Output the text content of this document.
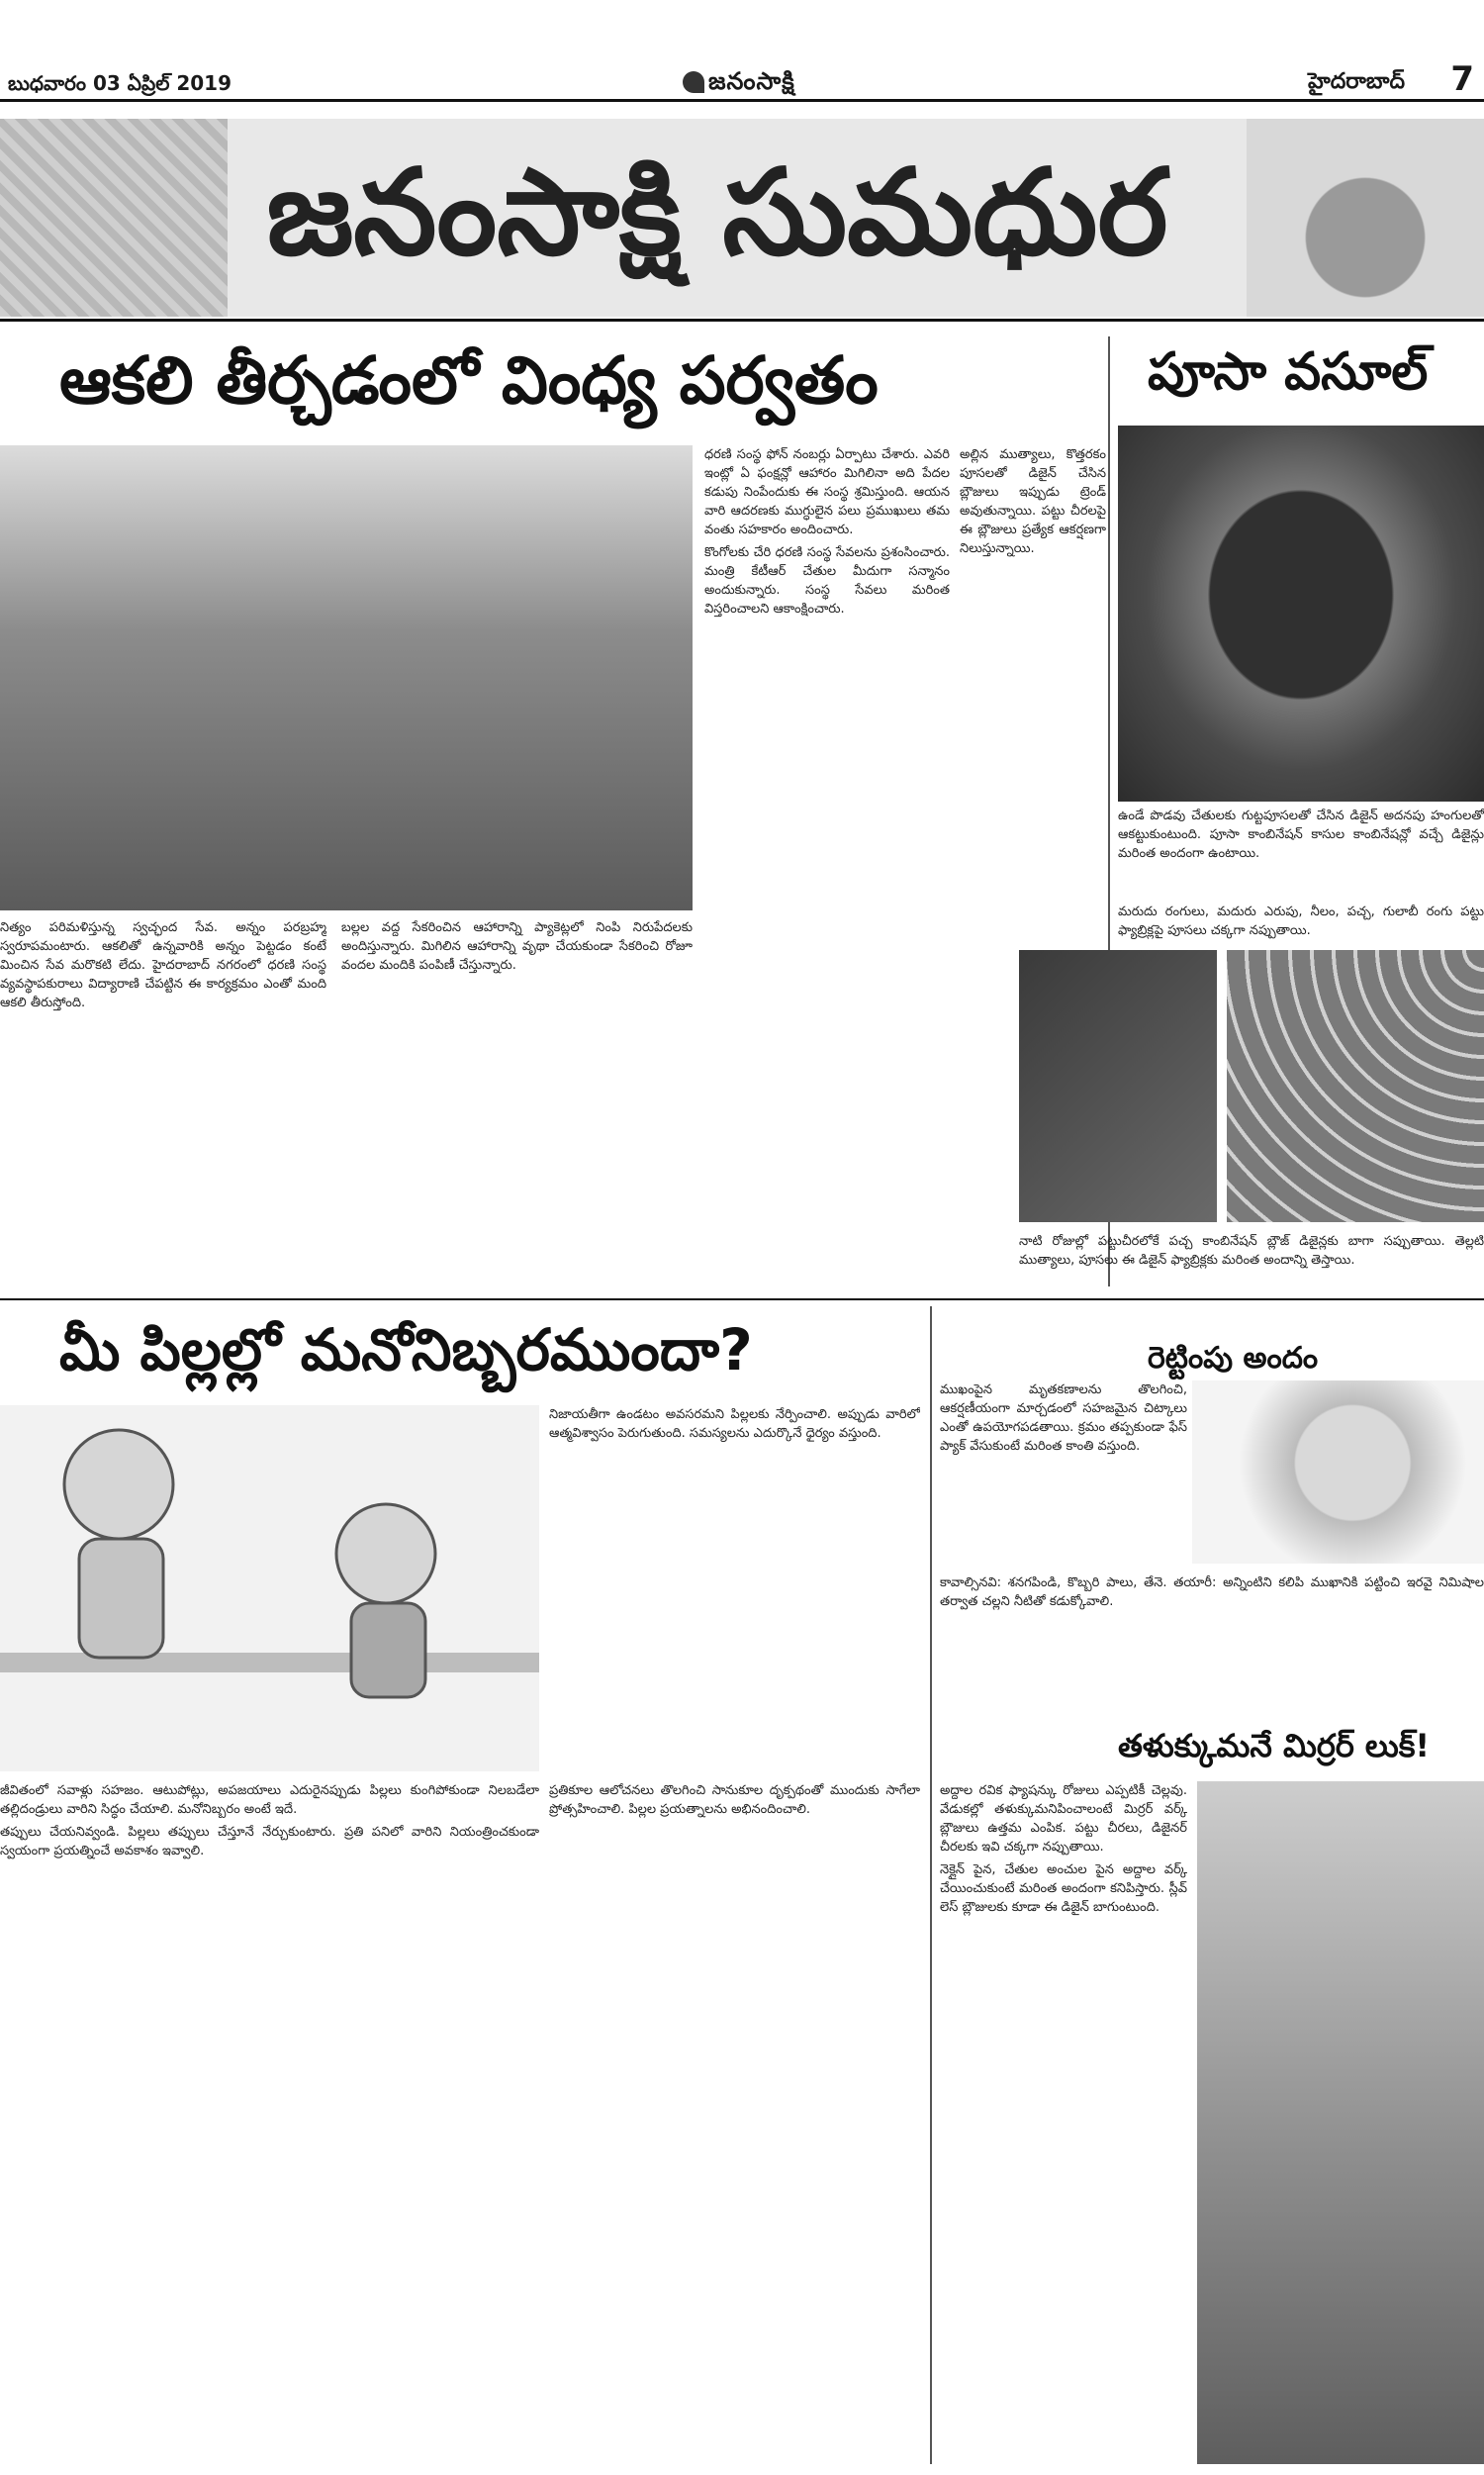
బుధవారం 03 ఏప్రిల్ 2019	జనంసాక్షి	హైదరాబాద్ 7
జనంసాక్షి సుమధుర
ఆకలి తీర్చడంలో వింధ్య పర్వతం

ధరణి సంస్థ ఫోన్ నంబర్లు ఏర్పాటు చేశారు. ఎవరి ఇంట్లో ఏ ఫంక్షన్లో ఆహారం మిగిలినా అది పేదల కడుపు నింపేందుకు ఈ సంస్థ శ్రమిస్తుంది. ఆయన వారి ఆదరణకు ముగ్ధులైన పలు ప్రముఖులు తమ వంతు సహకారం అందించారు.

కొంగోలకు చేరి ధరణి సంస్థ సేవలను ప్రశంసించారు. మంత్రి కేటీఆర్ చేతుల మీదుగా సన్మానం అందుకున్నారు. సంస్థ సేవలు మరింత విస్తరించాలని ఆకాంక్షించారు.

నిత్యం పరిమళిస్తున్న స్వచ్ఛంద సేవ. అన్నం పరబ్రహ్మ స్వరూపమంటారు. ఆకలితో ఉన్నవారికి అన్నం పెట్టడం కంటే మించిన సేవ మరొకటి లేదు. హైదరాబాద్ నగరంలో ధరణి సంస్థ వ్యవస్థాపకురాలు విద్యారాణి చేపట్టిన ఈ కార్యక్రమం ఎంతో మంది ఆకలి తీరుస్తోంది.

బల్లల వద్ద సేకరించిన ఆహారాన్ని ప్యాకెట్లలో నింపి నిరుపేదలకు అందిస్తున్నారు. మిగిలిన ఆహారాన్ని వృథా చేయకుండా సేకరించి రోజూ వందల మందికి పంపిణీ చేస్తున్నారు.

పూసా వసూల్

అల్లిన ముత్యాలు, కొత్తరకం పూసలతో డిజైన్ చేసిన బ్లౌజులు ఇప్పుడు ట్రెండ్ అవుతున్నాయి. పట్టు చీరలపై ఈ బ్లౌజులు ప్రత్యేక ఆకర్షణగా నిలుస్తున్నాయి.

ఉండే పొడవు చేతులకు గుట్టపూసలతో చేసిన డిజైన్ అదనపు హంగులతో ఆకట్టుకుంటుంది. పూసా కాంబినేషన్ కాసుల కాంబినేషన్లో వచ్చే డిజైన్లు మరింత అందంగా ఉంటాయి.

మరుదు రంగులు, మదురు ఎరుపు, నీలం, పచ్చ, గులాబీ రంగు పట్టు ఫ్యాబ్రిక్లపై పూసలు చక్కగా నప్పుతాయి.

నాటి రోజుల్లో పట్టుచీరలోకే పచ్చ కాంబినేషన్ బ్లౌజ్ డిజైన్లకు బాగా సప్పుతాయి. తెల్లటి ముత్యాలు, పూసలు ఈ డిజైన్ ఫ్యాబ్రిక్లకు మరింత అందాన్ని తెస్తాయి.

మీ పిల్లల్లో మనోనిబ్బరముందా?

నిజాయతీగా ఉండటం అవసరమని పిల్లలకు నేర్పించాలి. అప్పుడు వారిలో ఆత్మవిశ్వాసం పెరుగుతుంది. సమస్యలను ఎదుర్కొనే ధైర్యం వస్తుంది.

జీవితంలో సవాళ్లు సహజం. ఆటుపోట్లు, అపజయాలు ఎదురైనప్పుడు పిల్లలు కుంగిపోకుండా నిలబడేలా తల్లిదండ్రులు వారిని సిద్ధం చేయాలి. మనోనిబ్బరం అంటే ఇదే.

తప్పులు చేయనివ్వండి. పిల్లలు తప్పులు చేస్తూనే నేర్చుకుంటారు. ప్రతి పనిలో వారిని నియంత్రించకుండా స్వయంగా ప్రయత్నించే అవకాశం ఇవ్వాలి.

ప్రతికూల ఆలోచనలు తొలగించి సానుకూల దృక్పథంతో ముందుకు సాగేలా ప్రోత్సహించాలి. పిల్లల ప్రయత్నాలను అభినందించాలి.

రెట్టింపు అందం

ముఖంపైన మృతకణాలను తొలగించి, ఆకర్షణీయంగా మార్చడంలో సహజమైన చిట్కాలు ఎంతో ఉపయోగపడతాయి. క్రమం తప్పకుండా ఫేస్ ప్యాక్ వేసుకుంటే మరింత కాంతి వస్తుంది.

కావాల్సినవి: శనగపిండి, కొబ్బరి పాలు, తేనె. తయారీ: అన్నింటిని కలిపి ముఖానికి పట్టించి ఇరవై నిమిషాల తర్వాత చల్లని నీటితో కడుక్కోవాలి.

తళుక్కుమనే మిర్రర్ లుక్!

అద్దాల రవిక ఫ్యాషన్కు రోజులు ఎప్పటికీ చెల్లవు. వేడుకల్లో తళుక్కుమనిపించాలంటే మిర్రర్ వర్క్ బ్లౌజులు ఉత్తమ ఎంపిక. పట్టు చీరలు, డిజైనర్ చీరలకు ఇవి చక్కగా నప్పుతాయి.

నెక్లైన్ పైన, చేతుల అంచుల పైన అద్దాల వర్క్ చేయించుకుంటే మరింత అందంగా కనిపిస్తారు. స్లీవ్ లెస్ బ్లౌజులకు కూడా ఈ డిజైన్ బాగుంటుంది.
